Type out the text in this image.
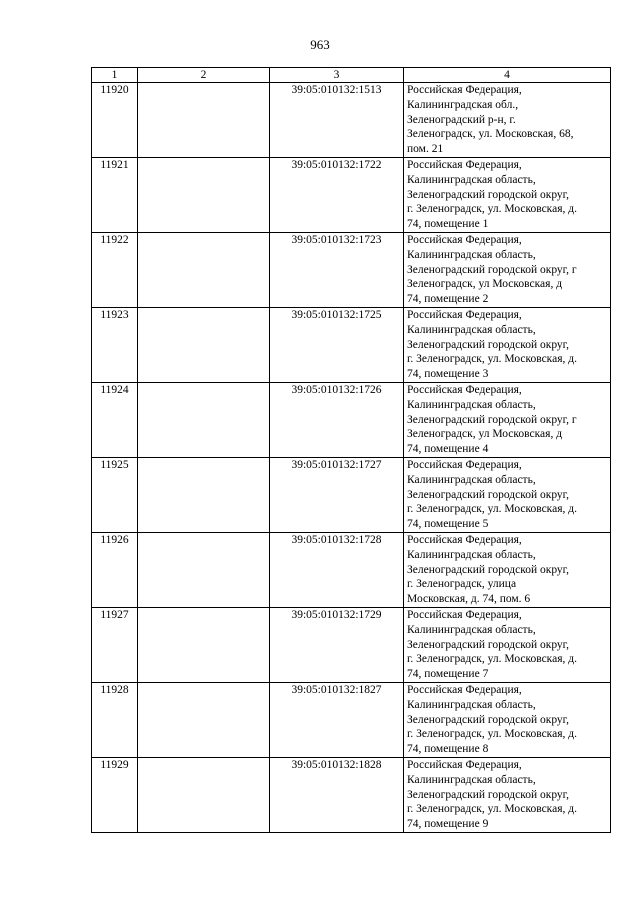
963
1	2	3	4
11920		39:05:010132:1513	Российская Федерация,
Калининградская обл.,
Зеленоградский р-н, г.
Зеленоградск, ул. Московская, 68,
пом. 21
11921		39:05:010132:1722	Российская Федерация,
Калининградская область,
Зеленоградский городской округ,
г. Зеленоградск, ул. Московская, д.
74, помещение 1
11922		39:05:010132:1723	Российская Федерация,
Калининградская область,
Зеленоградский городской округ, г
Зеленоградск, ул Московская, д
74, помещение 2
11923		39:05:010132:1725	Российская Федерация,
Калининградская область,
Зеленоградский городской округ,
г. Зеленоградск, ул. Московская, д.
74, помещение 3
11924		39:05:010132:1726	Российская Федерация,
Калининградская область,
Зеленоградский городской округ, г
Зеленоградск, ул Московская, д
74, помещение 4
11925		39:05:010132:1727	Российская Федерация,
Калининградская область,
Зеленоградский городской округ,
г. Зеленоградск, ул. Московская, д.
74, помещение 5
11926		39:05:010132:1728	Российская Федерация,
Калининградская область,
Зеленоградский городской округ,
г. Зеленоградск, улица
Московская, д. 74, пом. 6
11927		39:05:010132:1729	Российская Федерация,
Калининградская область,
Зеленоградский городской округ,
г. Зеленоградск, ул. Московская, д.
74, помещение 7
11928		39:05:010132:1827	Российская Федерация,
Калининградская область,
Зеленоградский городской округ,
г. Зеленоградск, ул. Московская, д.
74, помещение 8
11929		39:05:010132:1828	Российская Федерация,
Калининградская область,
Зеленоградский городской округ,
г. Зеленоградск, ул. Московская, д.
74, помещение 9
